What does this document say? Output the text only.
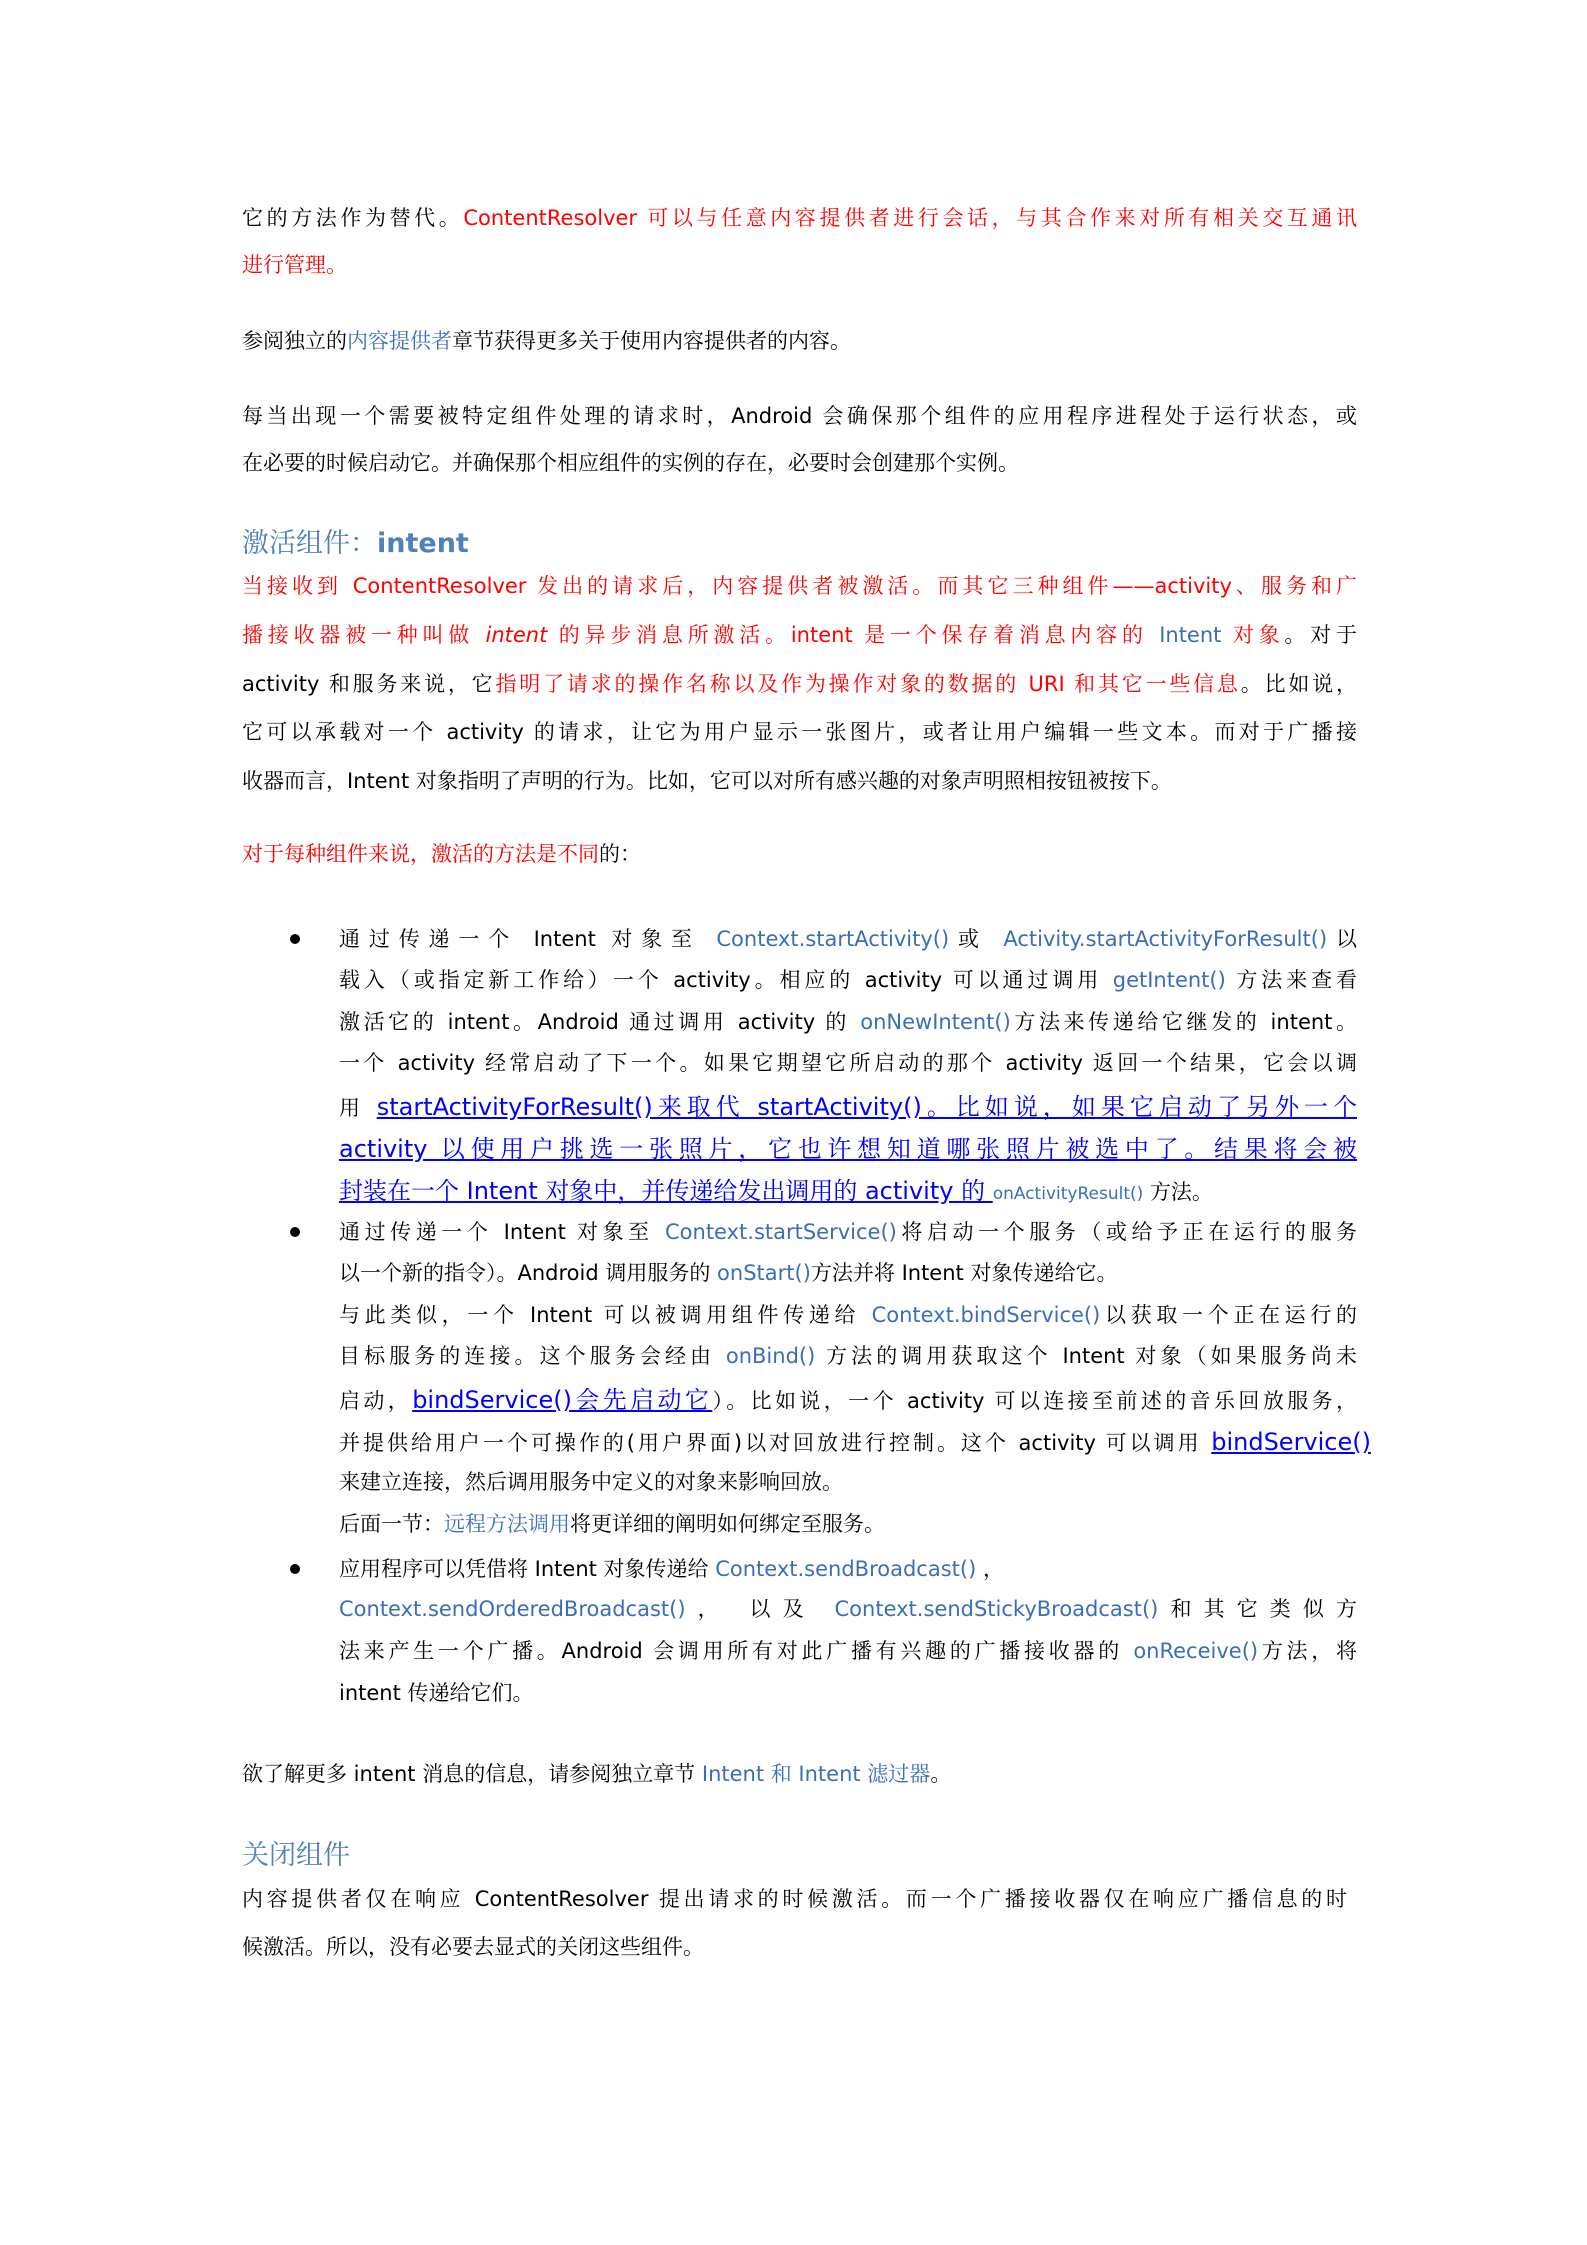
它的方法作为替代。ContentResolver 可以与任意内容提供者进行会话，与其合作来对所有相关交互通讯
进行管理。
参阅独立的内容提供者章节获得更多关于使用内容提供者的内容。
每当出现一个需要被特定组件处理的请求时，Android 会确保那个组件的应用程序进程处于运行状态，或
在必要的时候启动它。并确保那个相应组件的实例的存在，必要时会创建那个实例。
激活组件：intent
当接收到 ContentResolver 发出的请求后，内容提供者被激活。而其它三种组件——activity、服务和广
播接收器被一种叫做 intent 的异步消息所激活。intent 是一个保存着消息内容的 Intent 对象。对于
activity 和服务来说，它指明了请求的操作名称以及作为操作对象的数据的 URI 和其它一些信息。比如说，
它可以承载对一个 activity 的请求，让它为用户显示一张图片，或者让用户编辑一些文本。而对于广播接
收器而言，Intent 对象指明了声明的行为。比如，它可以对所有感兴趣的对象声明照相按钮被按下。
对于每种组件来说，激活的方法是不同的：
通过传递一个 Intent 对象至 Context.startActivity()或 Activity.startActivityForResult()以
载入（或指定新工作给）一个 activity。相应的 activity 可以通过调用 getIntent() 方法来查看
激活它的 intent。Android 通过调用 activity 的 onNewIntent()方法来传递给它继发的 intent。
一个 activity 经常启动了下一个。如果它期望它所启动的那个 activity 返回一个结果，它会以调
用 startActivityForResult()来取代 startActivity()。比如说，如果它启动了另外一个
activity 以使用户挑选一张照片，它也许想知道哪张照片被选中了。结果将会被
封装在一个 Intent 对象中，并传递给发出调用的 activity 的 onActivityResult() 方法。
通过传递一个 Intent 对象至 Context.startService()将启动一个服务（或给予正在运行的服务
以一个新的指令）。Android 调用服务的 onStart()方法并将 Intent 对象传递给它。
与此类似，一个 Intent 可以被调用组件传递给 Context.bindService()以获取一个正在运行的
目标服务的连接。这个服务会经由 onBind() 方法的调用获取这个 Intent 对象（如果服务尚未
启动，bindService()会先启动它）。比如说，一个 activity 可以连接至前述的音乐回放服务，
并提供给用户一个可操作的(用户界面)以对回放进行控制。这个 activity 可以调用 bindService()
来建立连接，然后调用服务中定义的对象来影响回放。
后面一节：远程方法调用将更详细的阐明如何绑定至服务。
应用程序可以凭借将 Intent 对象传递给 Context.sendBroadcast() ，
Context.sendOrderedBroadcast()， 以及 Context.sendStickyBroadcast()和其它类似方
法来产生一个广播。Android 会调用所有对此广播有兴趣的广播接收器的 onReceive()方法，将
intent 传递给它们。
欲了解更多 intent 消息的信息，请参阅独立章节 Intent 和 Intent 滤过器。
关闭组件
内容提供者仅在响应 ContentResolver 提出请求的时候激活。而一个广播接收器仅在响应广播信息的时
候激活。所以，没有必要去显式的关闭这些组件。
